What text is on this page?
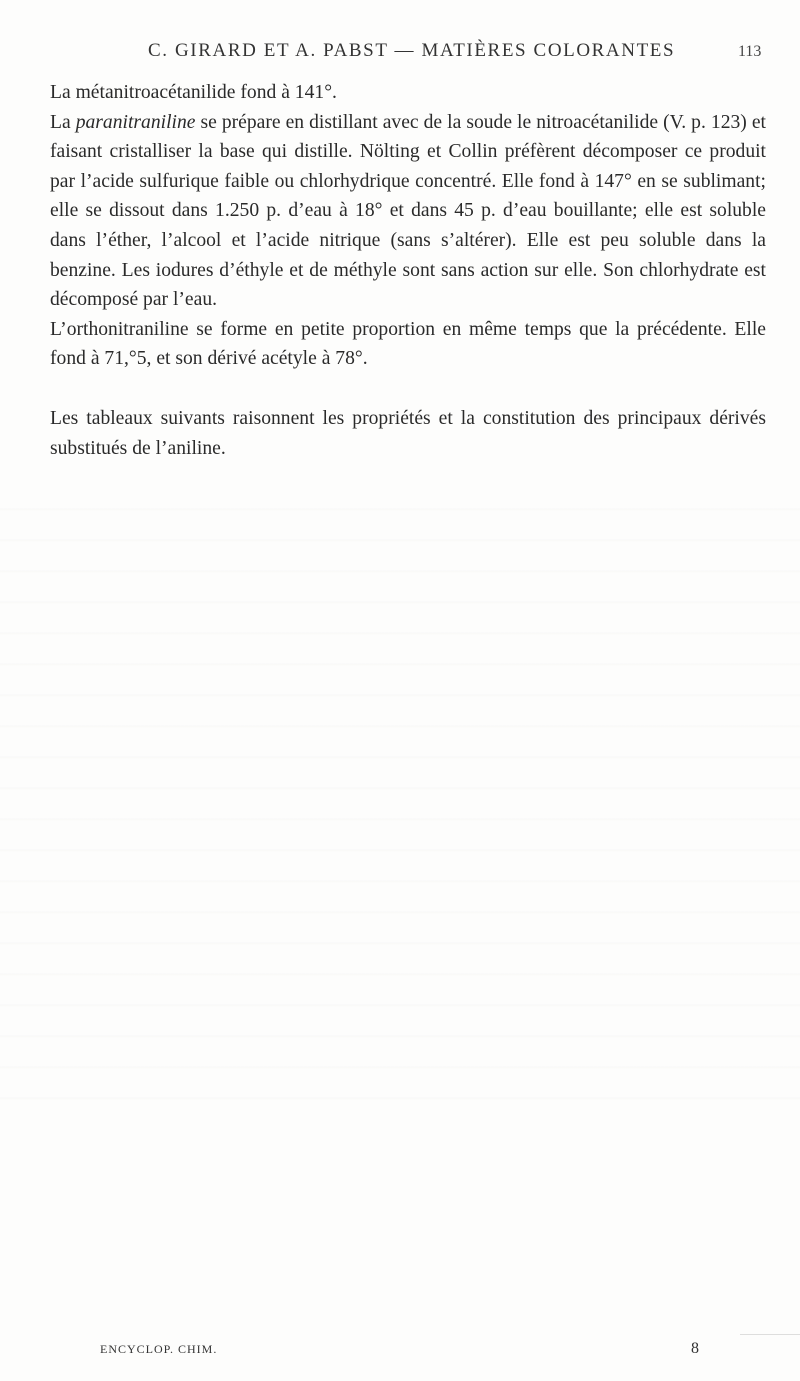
C. GIRARD ET A. PABST — MATIÈRES COLORANTES	113

La métanitroacétanilide fond à 141°.

La paranitraniline se prépare en distillant avec de la soude le nitroacétanilide (V. p. 123) et faisant cristalliser la base qui distille. Nölting et Collin préfèrent décomposer ce produit par l’acide sulfurique faible ou chlorhydrique concentré. Elle fond à 147° en se sublimant; elle se dissout dans 1.250 p. d’eau à 18° et dans 45 p. d’eau bouillante; elle est soluble dans l’éther, l’alcool et l’acide nitrique (sans s’altérer). Elle est peu soluble dans la benzine. Les iodures d’éthyle et de méthyle sont sans action sur elle. Son chlorhydrate est décomposé par l’eau.

L’orthonitraniline se forme en petite proportion en même temps que la précédente. Elle fond à 71,°5, et son dérivé acétyle à 78°.

Les tableaux suivants raisonnent les propriétés et la constitution des principaux dérivés substitués de l’aniline.

ENCYCLOP. CHIM.	8
